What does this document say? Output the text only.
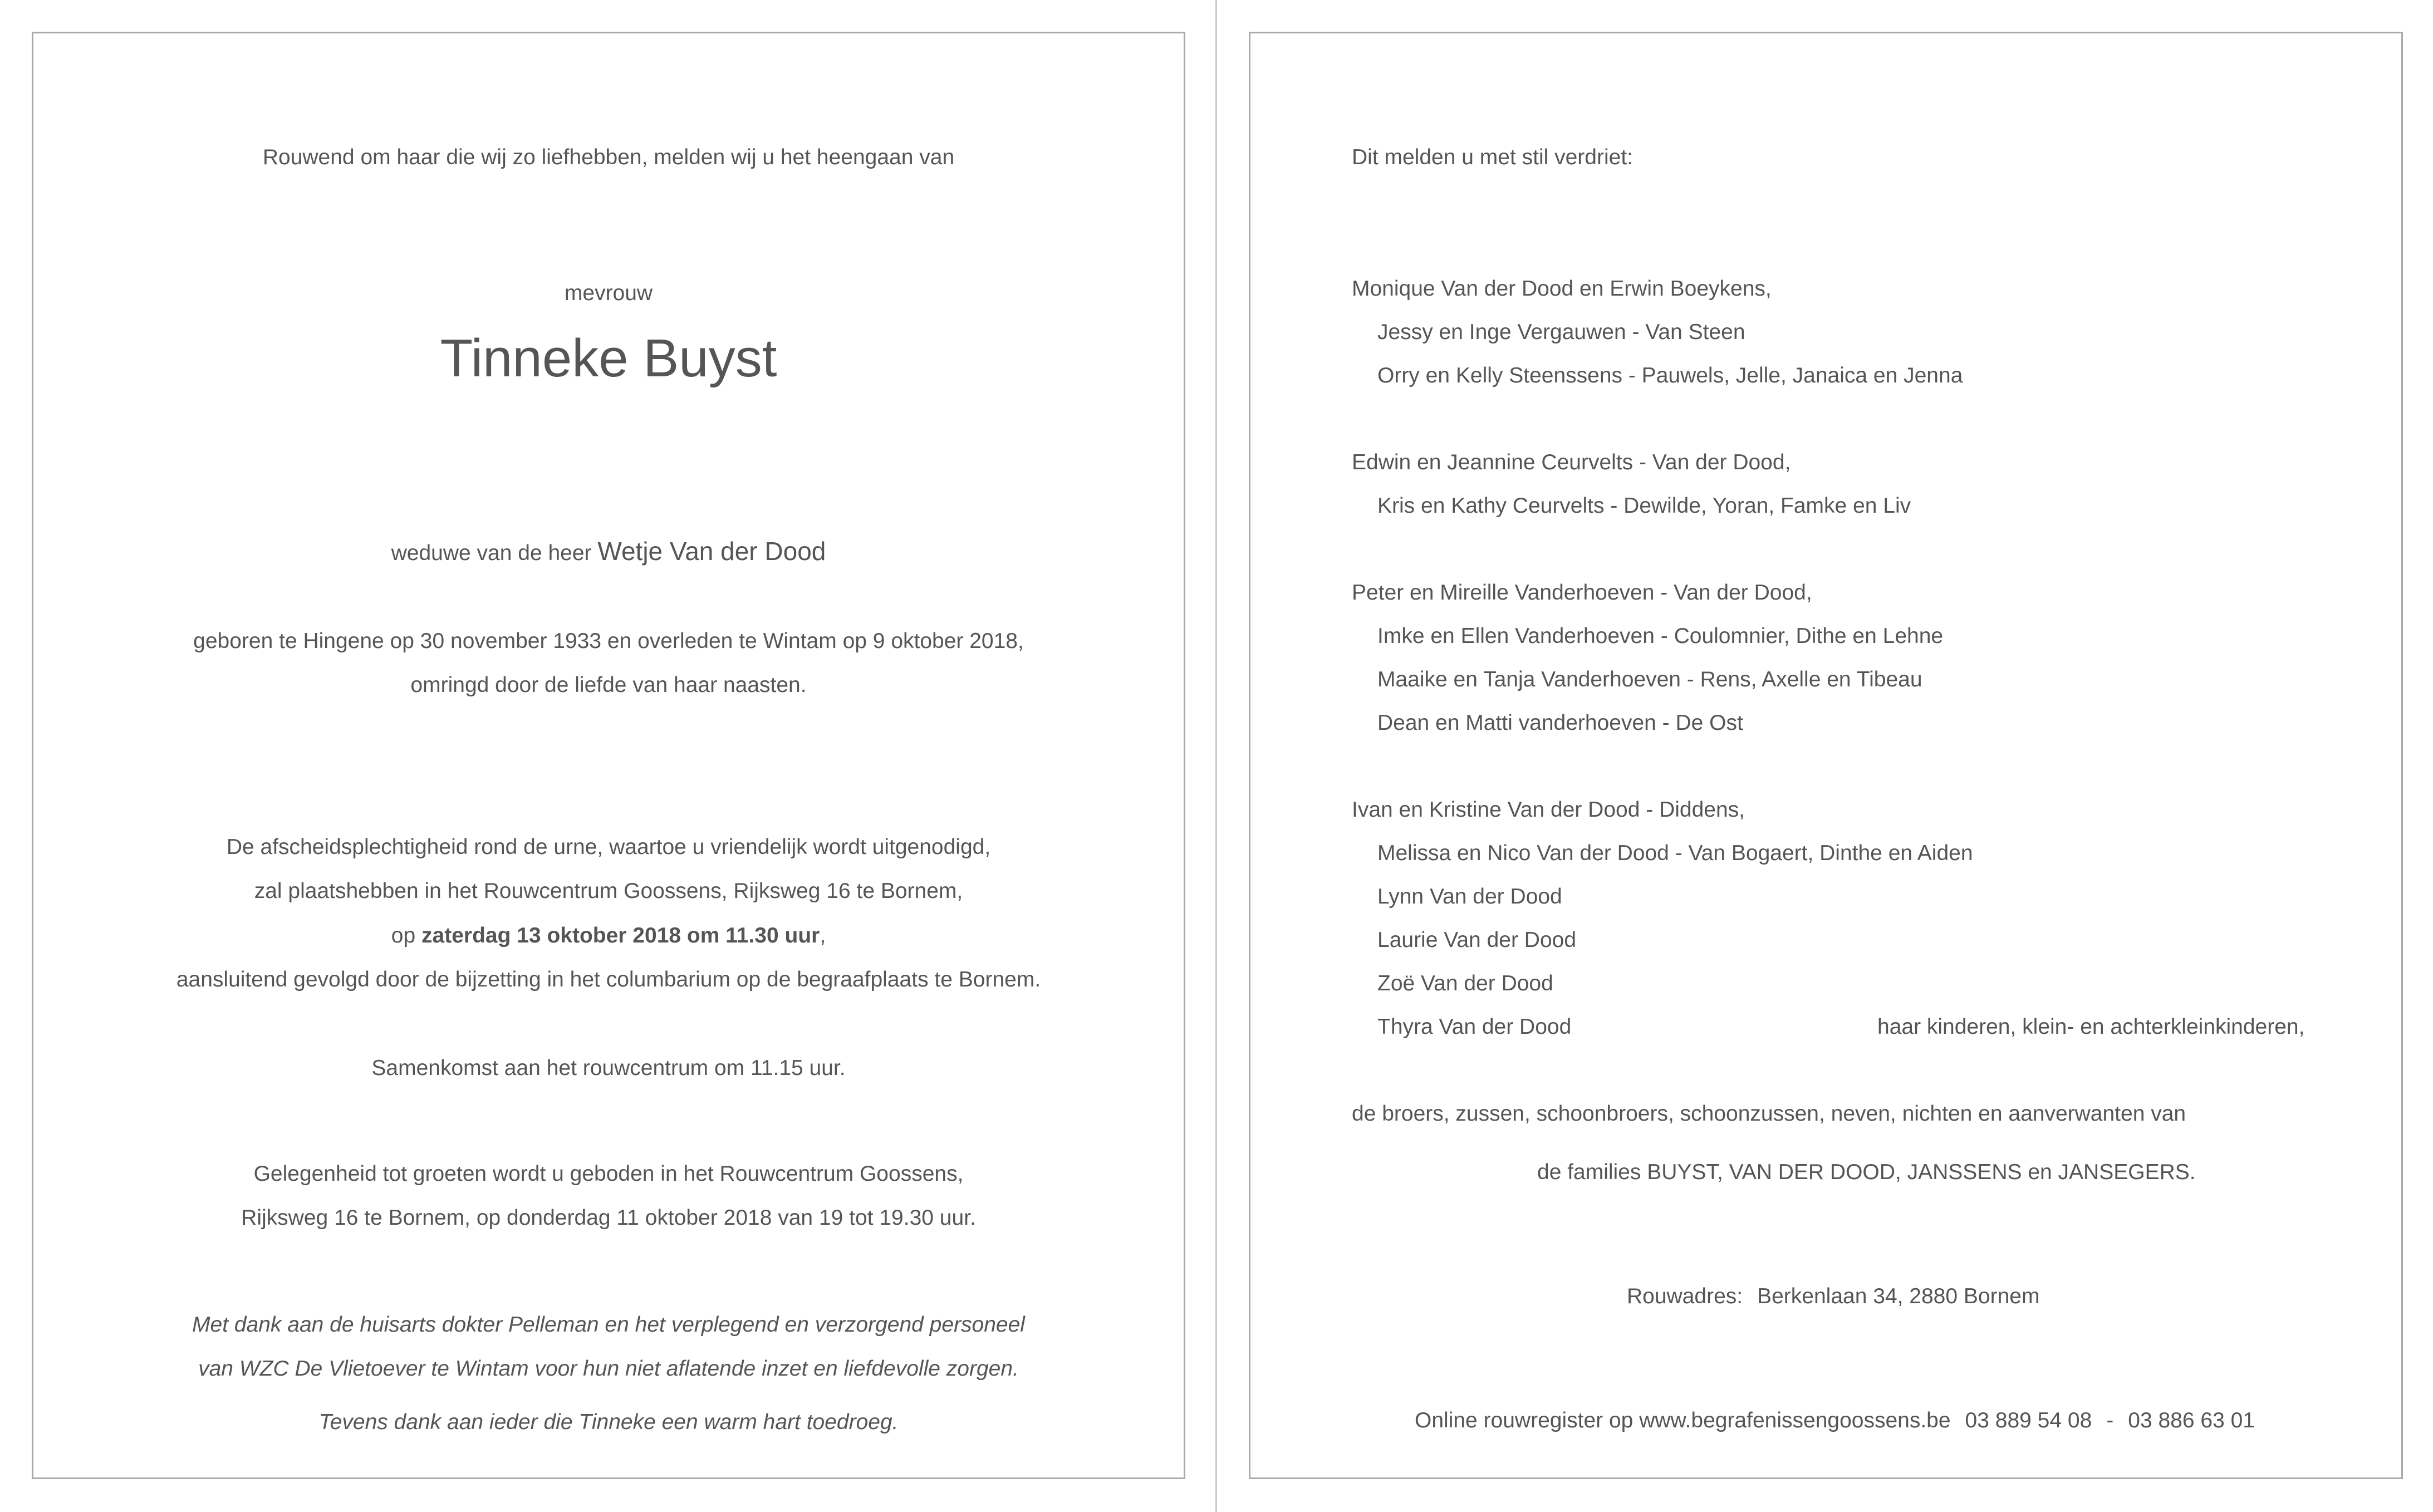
Rouwend om haar die wij zo liefhebben, melden wij u het heengaan van
mevrouw
Tinneke Buyst
weduwe van de heer Wetje Van der Dood
geboren te Hingene op 30 november 1933 en overleden te Wintam op 9 oktober 2018,
omringd door de liefde van haar naasten.
De afscheidsplechtigheid rond de urne, waartoe u vriendelijk wordt uitgenodigd,
zal plaatshebben in het Rouwcentrum Goossens, Rijksweg 16 te Bornem,
op zaterdag 13 oktober 2018 om 11.30 uur,
aansluitend gevolgd door de bijzetting in het columbarium op de begraafplaats te Bornem.
Samenkomst aan het rouwcentrum om 11.15 uur.
Gelegenheid tot groeten wordt u geboden in het Rouwcentrum Goossens,
Rijksweg 16 te Bornem, op donderdag 11 oktober 2018 van 19 tot 19.30 uur.
Met dank aan de huisarts dokter Pelleman en het verplegend en verzorgend personeel
van WZC De Vlietoever te Wintam voor hun niet aflatende inzet en liefdevolle zorgen.
Tevens dank aan ieder die Tinneke een warm hart toedroeg.
Dit melden u met stil verdriet:
Monique Van der Dood en Erwin Boeykens,
Jessy en Inge Vergauwen - Van Steen
Orry en Kelly Steenssens - Pauwels, Jelle, Janaica en Jenna
Edwin en Jeannine Ceurvelts - Van der Dood,
Kris en Kathy Ceurvelts - Dewilde, Yoran, Famke en Liv
Peter en Mireille Vanderhoeven - Van der Dood,
Imke en Ellen Vanderhoeven - Coulomnier, Dithe en Lehne
Maaike en Tanja Vanderhoeven - Rens, Axelle en Tibeau
Dean en Matti vanderhoeven - De Ost
Ivan en Kristine Van der Dood - Diddens,
Melissa en Nico Van der Dood - Van Bogaert, Dinthe en Aiden
Lynn Van der Dood
Laurie Van der Dood
Zoë Van der Dood
Thyra Van der Dood	haar kinderen, klein- en achterkleinkinderen,
de broers, zussen, schoonbroers, schoonzussen, neven, nichten en aanverwanten van
de families BUYST, VAN DER DOOD, JANSSENS en JANSEGERS.
Rouwadres: Berkenlaan 34, 2880 Bornem
Online rouwregister op www.begrafenissengoossens.be 03 889 54 08 - 03 886 63 01
